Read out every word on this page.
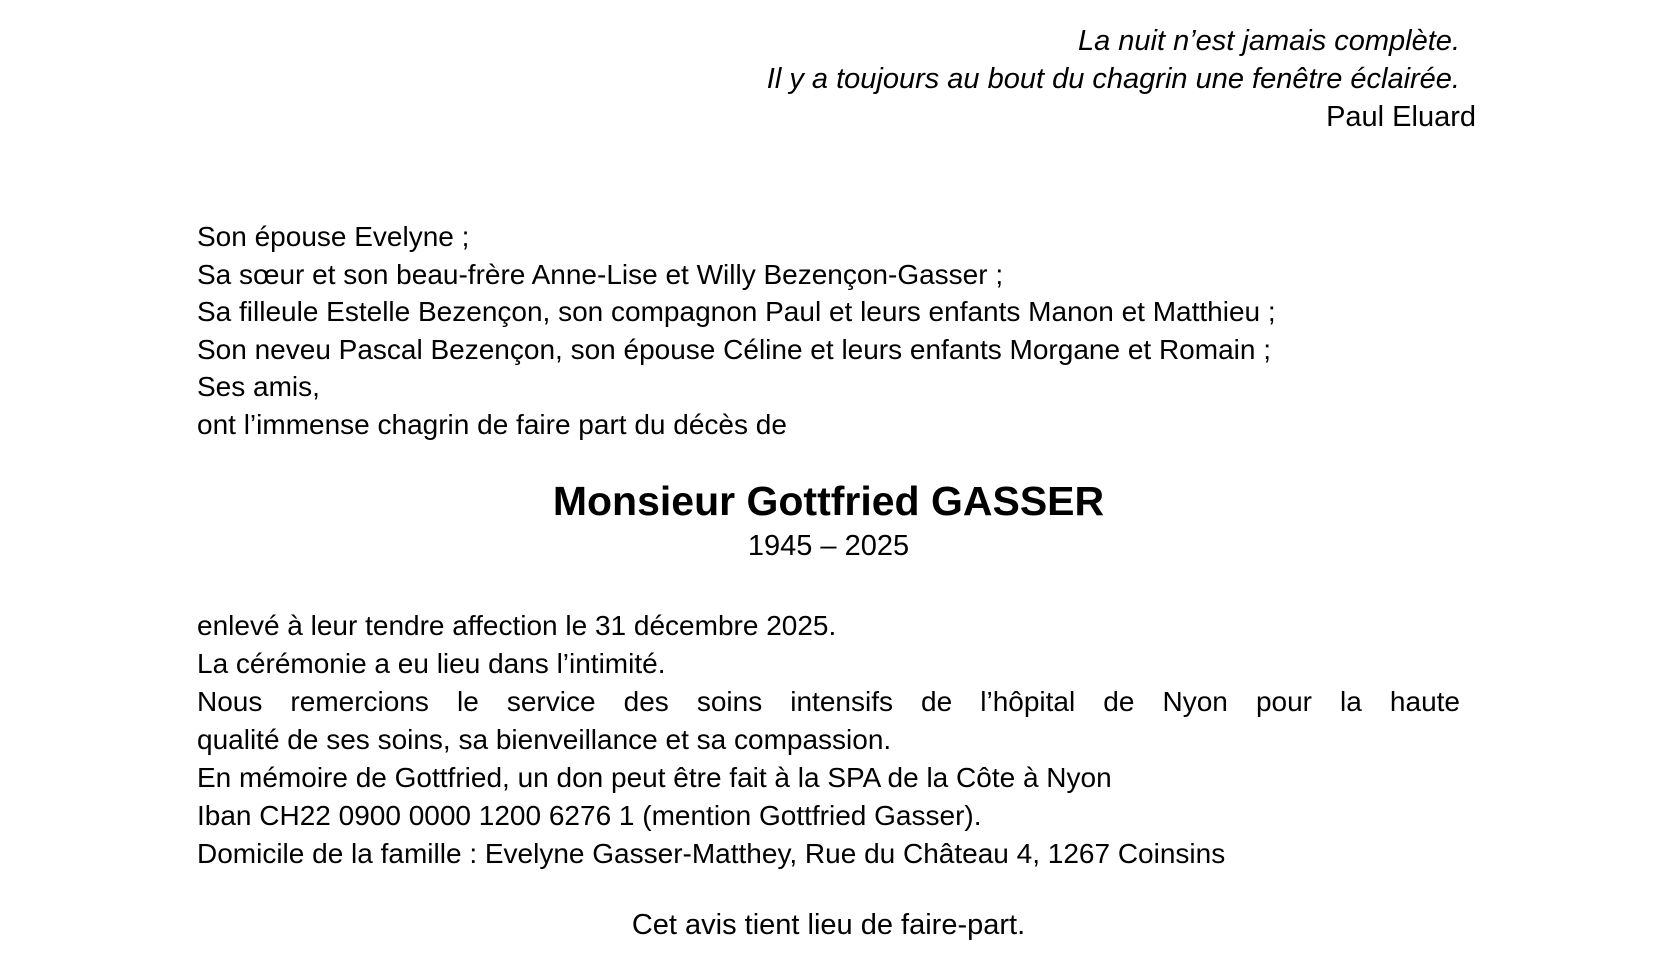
La nuit n’est jamais complète.
Il y a toujours au bout du chagrin une fenêtre éclairée.
Paul Eluard
Son épouse Evelyne ;
Sa sœur et son beau-frère Anne-Lise et Willy Bezençon-Gasser ;
Sa filleule Estelle Bezençon, son compagnon Paul et leurs enfants Manon et Matthieu ;
Son neveu Pascal Bezençon, son épouse Céline et leurs enfants Morgane et Romain ;
Ses amis,
ont l’immense chagrin de faire part du décès de
Monsieur Gottfried GASSER
1945 – 2025
enlevé à leur tendre affection le 31 décembre 2025.
La cérémonie a eu lieu dans l’intimité.
Nous remercions le service des soins intensifs de l’hôpital de Nyon pour la haute
qualité de ses soins, sa bienveillance et sa compassion.
En mémoire de Gottfried, un don peut être fait à la SPA de la Côte à Nyon
Iban CH22 0900 0000 1200 6276 1 (mention Gottfried Gasser).
Domicile de la famille : Evelyne Gasser-Matthey, Rue du Château 4, 1267 Coinsins
Cet avis tient lieu de faire-part.
